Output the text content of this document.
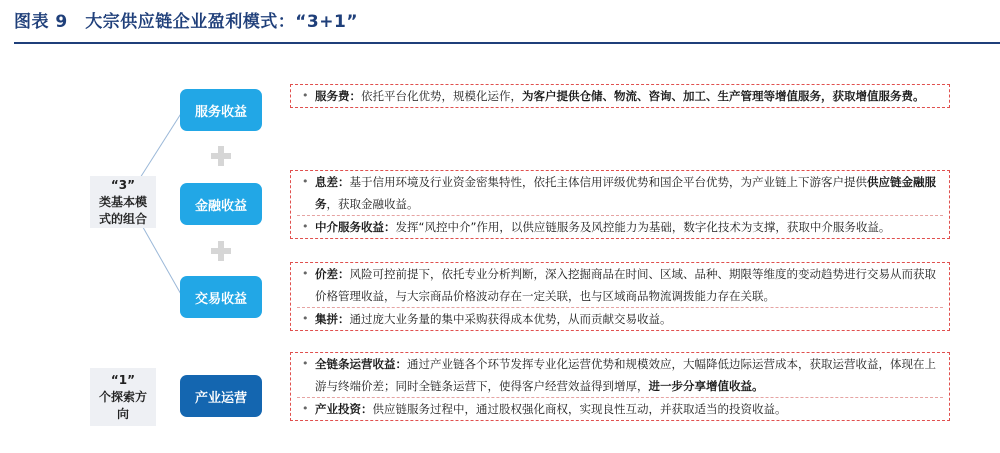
图表 9　大宗供应链企业盈利模式：“3+1”
“3”
类基本模
式的组合
“1”
个探索方
向
服务收益
金融收益
交易收益
产业运营
• 服务费：依托平台化优势，规模化运作，为客户提供仓储、物流、咨询、加工、生产管理等增值服务，获取增值服务费。
• 息差：基于信用环境及行业资金密集特性，依托主体信用评级优势和国企平台优势，为产业链上下游客户提供供应链金融服务，获取金融收益。
• 中介服务收益：发挥“风控中介”作用，以供应链服务及风控能力为基础，数字化技术为支撑，获取中介服务收益。
• 价差：风险可控前提下，依托专业分析判断，深入挖掘商品在时间、区域、品种、期限等维度的变动趋势进行交易从而获取价格管理收益，与大宗商品价格波动存在一定关联，也与区域商品物流调拨能力存在关联。
• 集拼：通过庞大业务量的集中采购获得成本优势，从而贡献交易收益。
• 全链条运营收益：通过产业链各个环节发挥专业化运营优势和规模效应，大幅降低边际运营成本，获取运营收益，体现在上游与终端价差；同时全链条运营下，使得客户经营效益得到增厚，进一步分享增值收益。
• 产业投资：供应链服务过程中，通过股权强化商权，实现良性互动，并获取适当的投资收益。
